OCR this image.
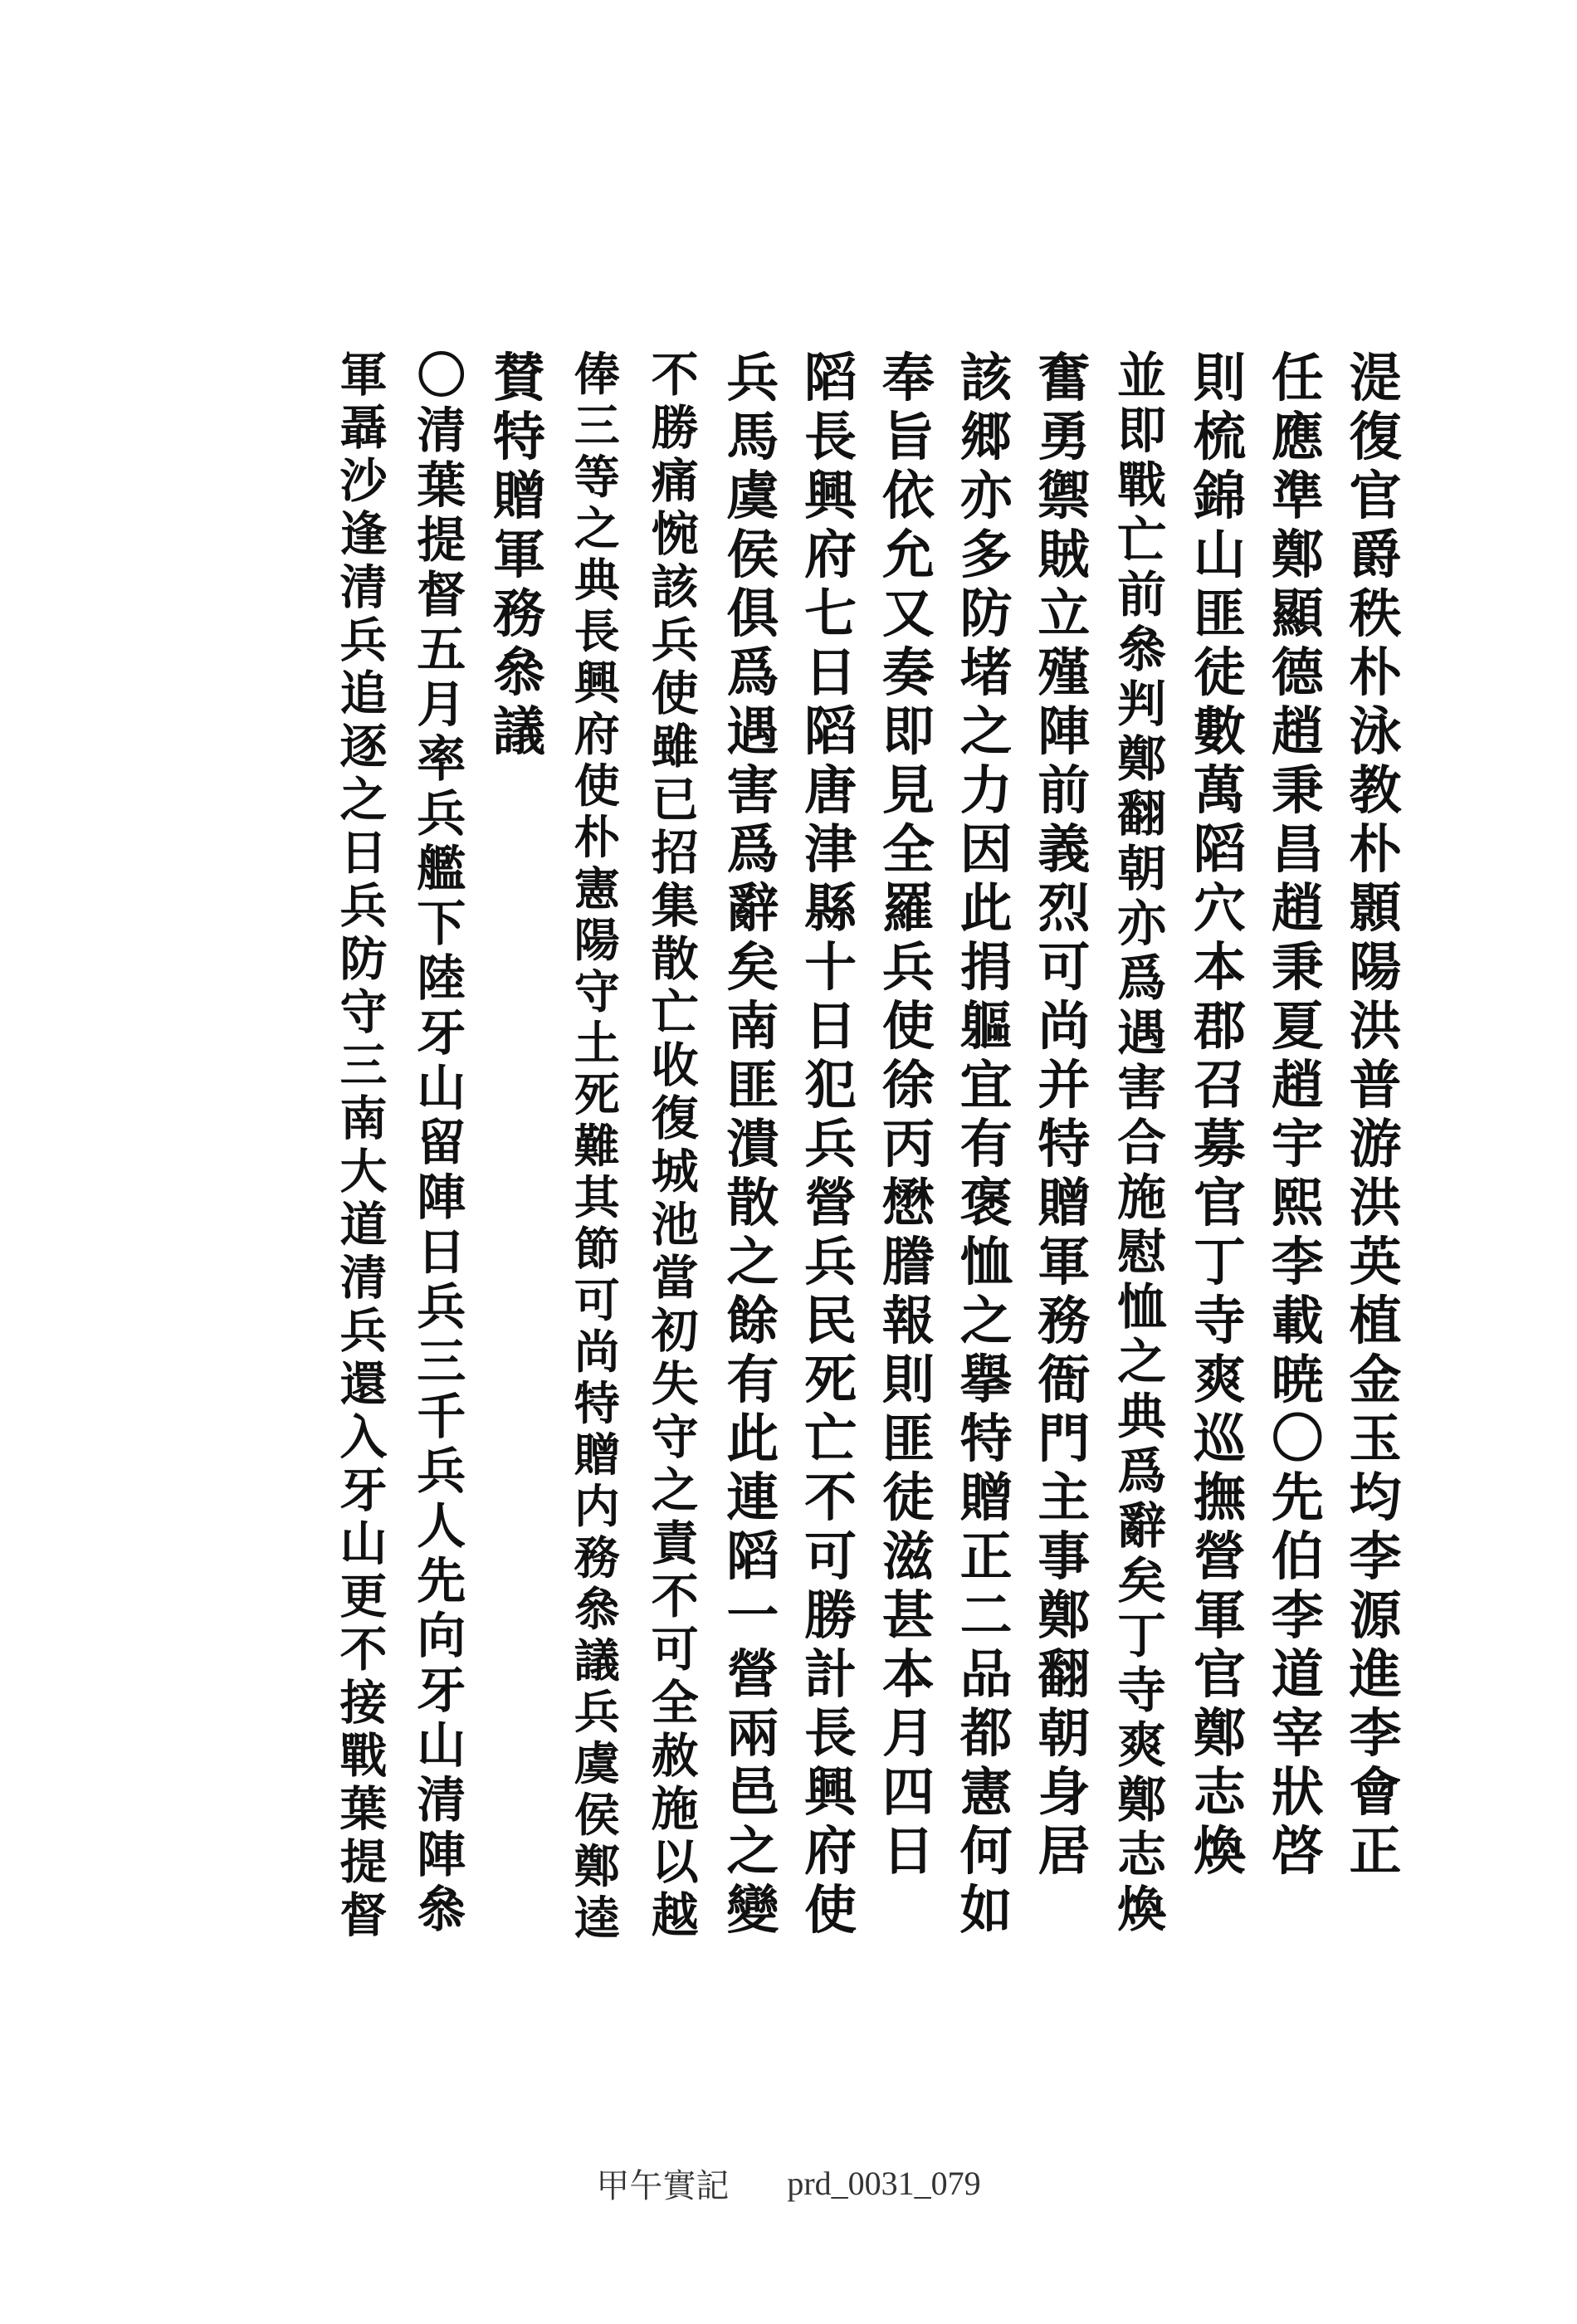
湜
復
官
爵
秩
朴
泳
教
朴
顥
陽
洪
普
游
洪
英
植
金
玉
均
李
源
進
李
會
正
任
應
準
鄭
顯
德
趙
秉
昌
趙
秉
夏
趙
宇
熙
李
載
暁
〇
先
伯
李
道
宰
狀
啓
則
梳
錦
山
匪
徒
數
萬
䧟
穴
本
郡
召
募
官
丁
寺
爽
巡
撫
營
軍
官
鄭
志
煥
並
即
戰
亡
前
叅
判
鄭
翻
朝
亦
爲
遇
害
合
施
慰
恤
之
典
爲
辭
矣
丁
寺
爽
鄭
志
煥
奮
勇
禦
賊
立
殣
陣
前
義
烈
可
尚
并
特
贈
軍
務
衙
門
主
事
鄭
翻
朝
身
居
該
郷
亦
多
防
堵
之
力
因
此
捐
軀
宜
有
褒
恤
之
擧
特
贈
正
二
品
都
憲
何
如
奉
旨
依
允
又
奏
即
見
全
羅
兵
使
徐
丙
懋
謄
報
則
匪
徒
滋
甚
本
月
四
日
䧟
長
興
府
七
日
䧟
唐
津
縣
十
日
犯
兵
營
兵
民
死
亡
不
可
勝
計
長
興
府
使
兵
馬
虞
侯
俱
爲
遇
害
爲
辭
矣
南
匪
潰
散
之
餘
有
此
連
䧟
一
營
兩
邑
之
變
不
勝
痛
惋
該
兵
使
雖
已
招
集
散
亡
收
復
城
池
當
初
失
守
之
責
不
可
全
赦
施
以
越
俸
三
等
之
典
長
興
府
使
朴
憲
陽
守
土
死
難
其
節
可
尚
特
贈
内
務
叅
議
兵
虞
侯
鄭
逵
賛
特
贈
軍
務
叅
議
〇
清
葉
提
督
五
月
率
兵
艦
下
陸
牙
山
留
陣
日
兵
三
千
兵
人
先
向
牙
山
清
陣
叅
軍
聶
沙
逢
清
兵
追
逐
之
日
兵
防
守
三
南
大
道
清
兵
還
入
牙
山
更
不
接
戰
葉
提
督
甲午實記 prd_0031_079
